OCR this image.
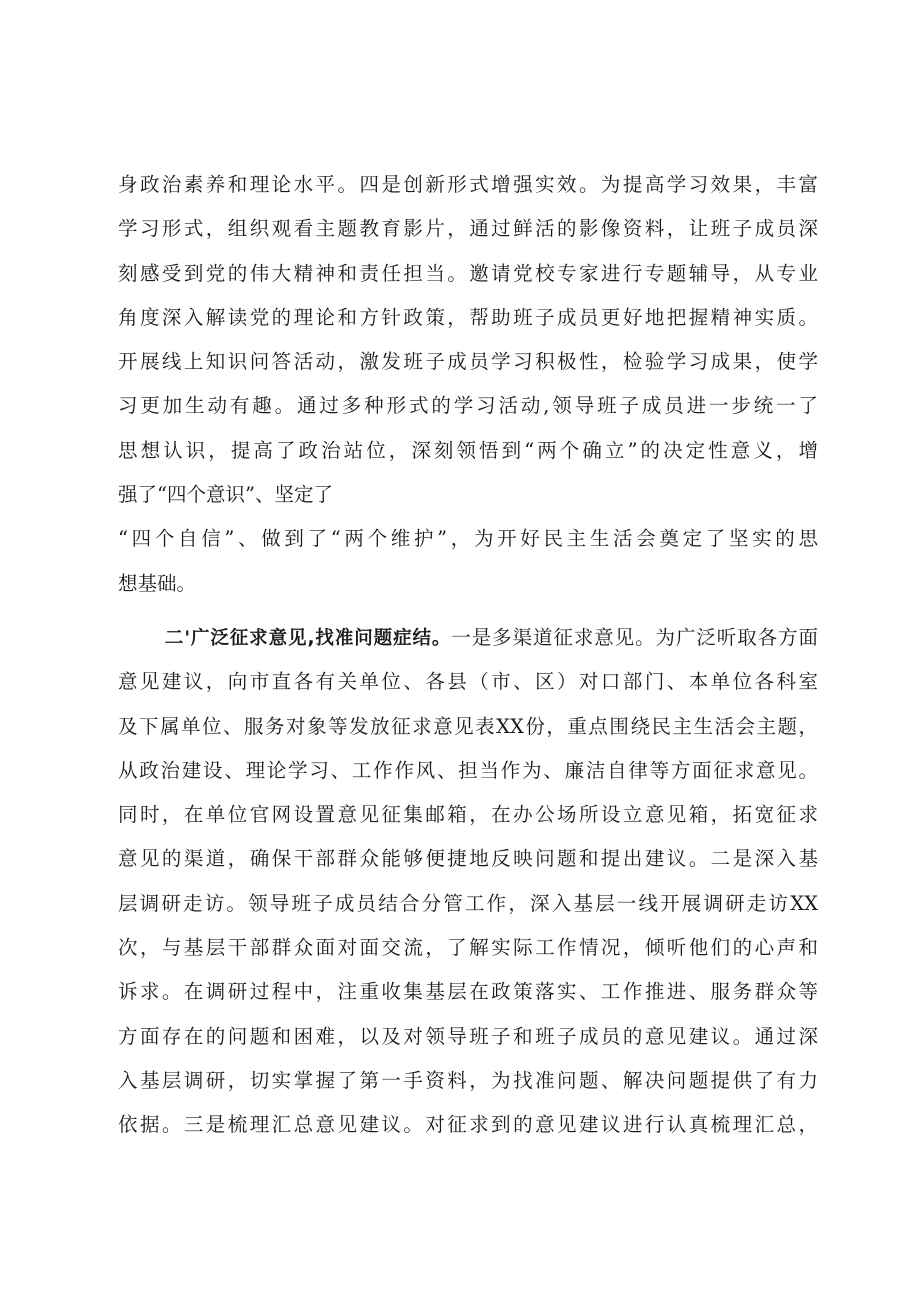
身政治素养和理论水平。四是创新形式增强实效。为提高学习效果，丰富
学习形式，组织观看主题教育影片，通过鲜活的影像资料，让班子成员深
刻感受到党的伟大精神和责任担当。邀请党校专家进行专题辅导，从专业
角度深入解读党的理论和方针政策，帮助班子成员更好地把握精神实质。
开展线上知识问答活动，激发班子成员学习积极性，检验学习成果，使学
习更加生动有趣。通过多种形式的学习活动,领导班子成员进一步统一了
思想认识，提高了政治站位，深刻领悟到“两个确立”的决定性意义，增
强了“四个意识”、坚定了
“四个自信”、做到了“两个维护”，为开好民主生活会奠定了坚实的思
想基础。
二'广泛征求意见,找准问题症结。一是多渠道征求意见。为广泛听取各方面
意见建议，向市直各有关单位、各县（市、区）对口部门、本单位各科室
及下属单位、服务对象等发放征求意见表XX份，重点围绕民主生活会主题，
从政治建设、理论学习、工作作风、担当作为、廉洁自律等方面征求意见。
同时，在单位官网设置意见征集邮箱，在办公场所设立意见箱，拓宽征求
意见的渠道，确保干部群众能够便捷地反映问题和提出建议。二是深入基
层调研走访。领导班子成员结合分管工作，深入基层一线开展调研走访XX
次，与基层干部群众面对面交流，了解实际工作情况，倾听他们的心声和
诉求。在调研过程中，注重收集基层在政策落实、工作推进、服务群众等
方面存在的问题和困难，以及对领导班子和班子成员的意见建议。通过深
入基层调研，切实掌握了第一手资料，为找准问题、解决问题提供了有力
依据。三是梳理汇总意见建议。对征求到的意见建议进行认真梳理汇总，
